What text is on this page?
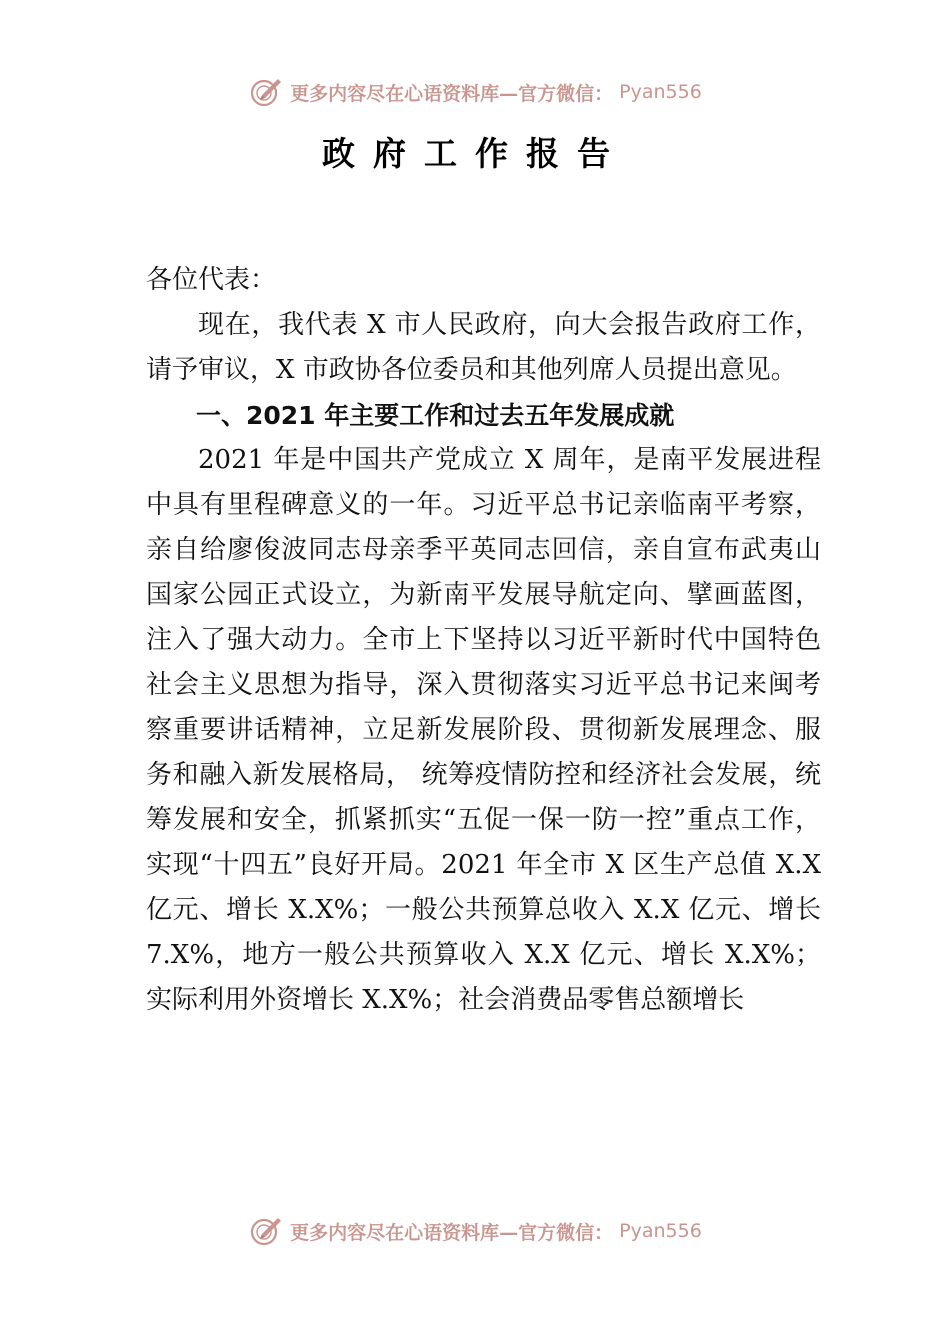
更多内容尽在心语资料库—官方微信： Pyan556
政府工作报告

各位代表：

现在，我代表 X 市人民政府，向大会报告政府工作，请予审议，X 市政协各位委员和其他列席人员提出意见。

一、2021 年主要工作和过去五年发展成就

2021 年是中国共产党成立 X 周年，是南平发展进程中具有里程碑意义的一年。习近平总书记亲临南平考察，亲自给廖俊波同志母亲季平英同志回信，亲自宣布武夷山国家公园正式设立，为新南平发展导航定向、擘画蓝图，注入了强大动力。全市上下坚持以习近平新时代中国特色社会主义思想为指导，深入贯彻落实习近平总书记来闽考察重要讲话精神，立足新发展阶段、贯彻新发展理念、服务和融入新发展格局， 统筹疫情防控和经济社会发展，统筹发展和安全，抓紧抓实“五促一保一防一控”重点工作，实现“十四五”良好开局。2021 年全市 X 区生产总值 X.X 亿元、增长 X.X%；一般公共预算总收入 X.X 亿元、增长 7.X%，地方一般公共预算收入 X.X 亿元、增长 X.X%； 实际利用外资增长 X.X%；社会消费品零售总额增长

更多内容尽在心语资料库—官方微信： Pyan556
